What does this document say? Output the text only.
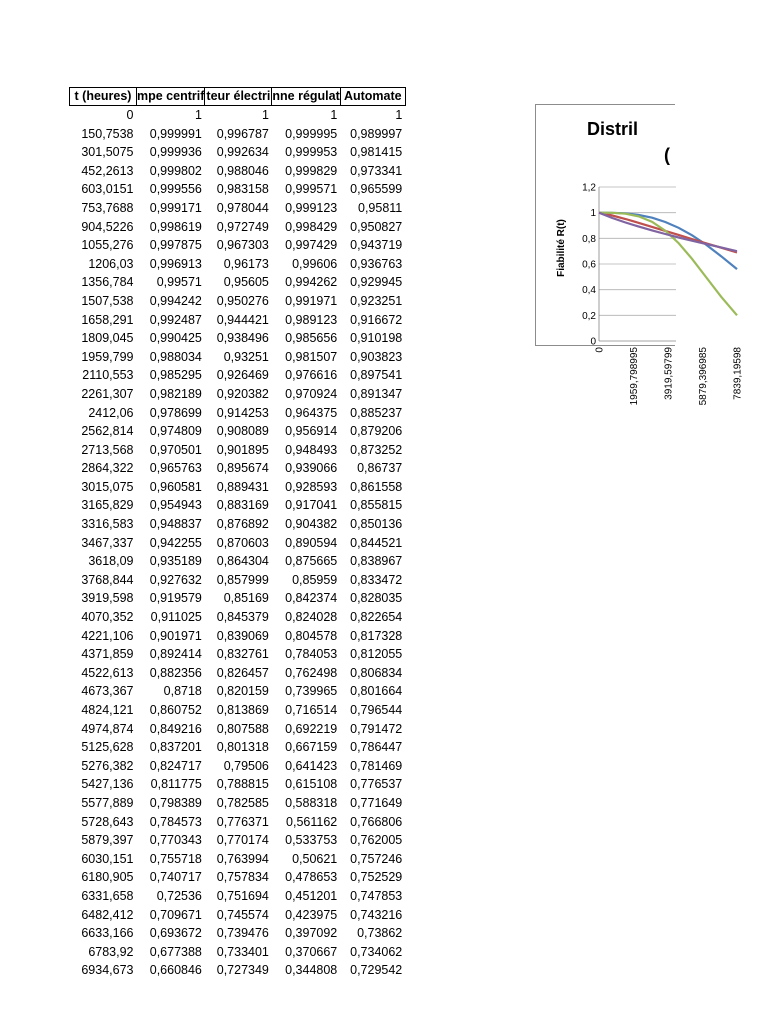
t (heures)	mpe centrif	teur électri	nne régulat	Automate
0	1	1	1	1
150,7538	0,999991	0,996787	0,999995	0,989997
301,5075	0,999936	0,992634	0,999953	0,981415
452,2613	0,999802	0,988046	0,999829	0,973341
603,0151	0,999556	0,983158	0,999571	0,965599
753,7688	0,999171	0,978044	0,999123	0,95811
904,5226	0,998619	0,972749	0,998429	0,950827
1055,276	0,997875	0,967303	0,997429	0,943719
1206,03	0,996913	0,96173	0,99606	0,936763
1356,784	0,99571	0,95605	0,994262	0,929945
1507,538	0,994242	0,950276	0,991971	0,923251
1658,291	0,992487	0,944421	0,989123	0,916672
1809,045	0,990425	0,938496	0,985656	0,910198
1959,799	0,988034	0,93251	0,981507	0,903823
2110,553	0,985295	0,926469	0,976616	0,897541
2261,307	0,982189	0,920382	0,970924	0,891347
2412,06	0,978699	0,914253	0,964375	0,885237
2562,814	0,974809	0,908089	0,956914	0,879206
2713,568	0,970501	0,901895	0,948493	0,873252
2864,322	0,965763	0,895674	0,939066	0,86737
3015,075	0,960581	0,889431	0,928593	0,861558
3165,829	0,954943	0,883169	0,917041	0,855815
3316,583	0,948837	0,876892	0,904382	0,850136
3467,337	0,942255	0,870603	0,890594	0,844521
3618,09	0,935189	0,864304	0,875665	0,838967
3768,844	0,927632	0,857999	0,85959	0,833472
3919,598	0,919579	0,85169	0,842374	0,828035
4070,352	0,911025	0,845379	0,824028	0,822654
4221,106	0,901971	0,839069	0,804578	0,817328
4371,859	0,892414	0,832761	0,784053	0,812055
4522,613	0,882356	0,826457	0,762498	0,806834
4673,367	0,8718	0,820159	0,739965	0,801664
4824,121	0,860752	0,813869	0,716514	0,796544
4974,874	0,849216	0,807588	0,692219	0,791472
5125,628	0,837201	0,801318	0,667159	0,786447
5276,382	0,824717	0,79506	0,641423	0,781469
5427,136	0,811775	0,788815	0,615108	0,776537
5577,889	0,798389	0,782585	0,588318	0,771649
5728,643	0,784573	0,776371	0,561162	0,766806
5879,397	0,770343	0,770174	0,533753	0,762005
6030,151	0,755718	0,763994	0,50621	0,757246
6180,905	0,740717	0,757834	0,478653	0,752529
6331,658	0,72536	0,751694	0,451201	0,747853
6482,412	0,709671	0,745574	0,423975	0,743216
6633,166	0,693672	0,739476	0,397092	0,73862
6783,92	0,677388	0,733401	0,370667	0,734062
6934,673	0,660846	0,727349	0,344808	0,729542
Distril
(
Fiabilité R(t)
1,2
1
0,8
0,6
0,4
0,2
0
0 1959,798995 3919,59799 5879,396985 7839,19598
